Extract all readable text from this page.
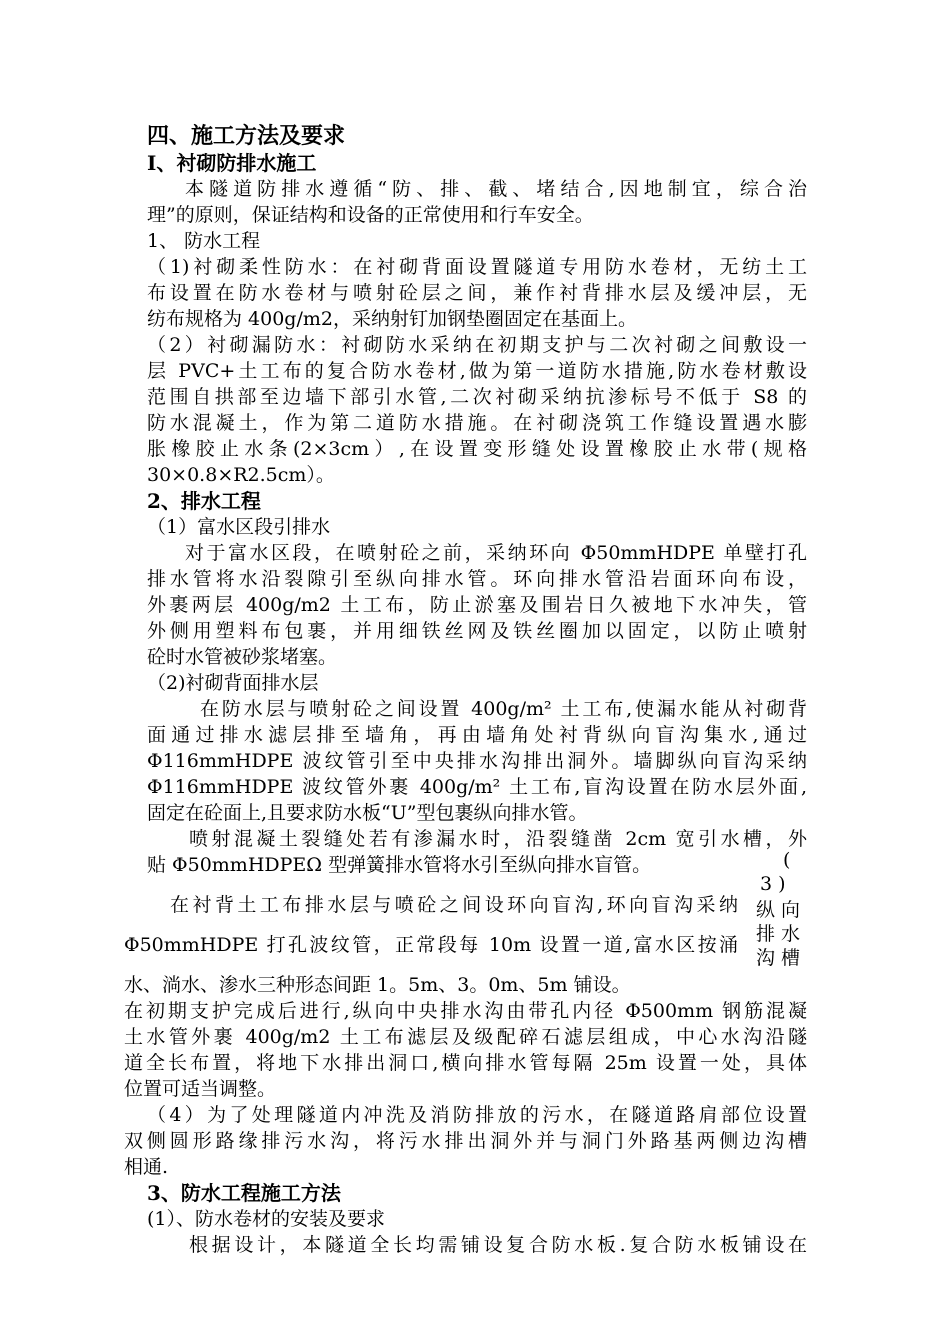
四、施工方法及要求
Ⅰ、衬砌防排水施工
本隧道防排水遵循“防、排、截、堵结合,因地制宜，综合治
理”的原则，保证结构和设备的正常使用和行车安全。
1、 防水工程
（1)衬砌柔性防水：在衬砌背面设置隧道专用防水卷材，无纺土工
布设置在防水卷材与喷射砼层之间，兼作衬背排水层及缓冲层，无
纺布规格为 400g/m2，采纳射钉加钢垫圈固定在基面上。
（2）衬砌漏防水：衬砌防水采纳在初期支护与二次衬砌之间敷设一
层 PVC+土工布的复合防水卷材,做为第一道防水措施,防水卷材敷设
范围自拱部至边墙下部引水管,二次衬砌采纳抗渗标号不低于 S8 的
防水混凝土，作为第二道防水措施。在衬砌浇筑工作缝设置遇水膨
胀橡胶止水条(2×3cm）,在设置变形缝处设置橡胶止水带(规格
30×0.8×R2.5cm）。
2、排水工程
（1）富水区段引排水
对于富水区段，在喷射砼之前，采纳环向 Φ50mmHDPE 单壁打孔
排水管将水沿裂隙引至纵向排水管。环向排水管沿岩面环向布设，
外裹两层 400g/m2 土工布，防止淤塞及围岩日久被地下水冲失，管
外侧用塑料布包裹，并用细铁丝网及铁丝圈加以固定，以防止喷射
砼时水管被砂浆堵塞。
（2)衬砌背面排水层
在防水层与喷射砼之间设置 400g/m² 土工布,使漏水能从衬砌背
面通过排水滤层排至墙角，再由墙角处衬背纵向盲沟集水,通过
Φ116mmHDPE 波纹管引至中央排水沟排出洞外。墙脚纵向盲沟采纳
Φ116mmHDPE 波纹管外裹 400g/m² 土工布,盲沟设置在防水层外面,
固定在砼面上,且要求防水板“U”型包裹纵向排水管。
喷射混凝土裂缝处若有渗漏水时，沿裂缝凿 2cm 宽引水槽，外
贴 Φ50mmHDPEΩ 型弹簧排水管将水引至纵向排水盲管。
在衬背土工布排水层与喷砼之间设环向盲沟,环向盲沟采纳
Φ50mmHDPE 打孔波纹管，正常段每 10m 设置一道,富水区按涌
水、淌水、渗水三种形态间距 1。5m、3。0m、5m 铺设。
(
3 )
纵 向
排 水
沟 槽
在初期支护完成后进行,纵向中央排水沟由带孔内径 Φ500mm 钢筋混凝
土水管外裹 400g/m2 土工布滤层及级配碎石滤层组成，中心水沟沿隧
道全长布置，将地下水排出洞口,横向排水管每隔 25m 设置一处，具体
位置可适当调整。
（4）为了处理隧道内冲洗及消防排放的污水，在隧道路肩部位设置
双侧圆形路缘排污水沟，将污水排出洞外并与洞门外路基两侧边沟槽
相通.
3、防水工程施工方法
(1）、防水卷材的安装及要求
根据设计，本隧道全长均需铺设复合防水板.复合防水板铺设在
